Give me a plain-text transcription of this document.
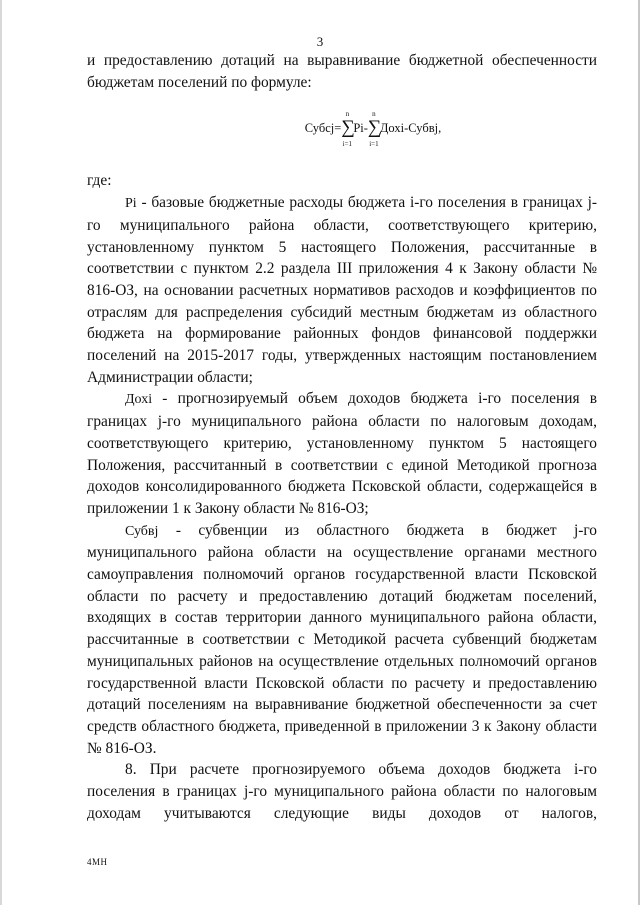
3

и предоставлению дотаций на выравнивание бюджетной обеспеченности бюджетам поселений по формуле:

Субсj=
n
∑
i=1
Pi-
n
∑
i=1
Дохi-Субвj,

где:

Pi - базовые бюджетные расходы бюджета i-го поселения в границах j-го муниципального района области, соответствующего критерию, установленному пунктом 5 настоящего Положения, рассчитанные в соответствии с пунктом 2.2 раздела III приложения 4 к Закону области № 816-ОЗ, на основании расчетных нормативов расходов и коэффициентов по отраслям для распределения субсидий местным бюджетам из областного бюджета на формирование районных фондов финансовой поддержки поселений на 2015-2017 годы, утвержденных настоящим постановлением Администрации области;

Дохi - прогнозируемый объем доходов бюджета i-го поселения в границах j-го муниципального района области по налоговым доходам, соответствующего критерию, установленному пунктом 5 настоящего Положения, рассчитанный в соответствии с единой Методикой прогноза доходов консолидированного бюджета Псковской области, содержащейся в приложении 1 к Закону области № 816-ОЗ;

Субвj - субвенции из областного бюджета в бюджет j-го муниципального района области на осуществление органами местного самоуправления полномочий органов государственной власти Псковской области по расчету и предоставлению дотаций бюджетам поселений, входящих в состав территории данного муниципального района области, рассчитанные в соответствии с Методикой расчета субвенций бюджетам муниципальных районов на осуществление отдельных полномочий органов государственной власти Псковской области по расчету и предоставлению дотаций поселениям на выравнивание бюджетной обеспеченности за счет средств областного бюджета, приведенной в приложении 3 к Закону области № 816-ОЗ.

8. При расчете прогнозируемого объема доходов бюджета i-го поселения в границах j-го муниципального района области по налоговым доходам учитываются следующие виды доходов от налогов,

4МН
